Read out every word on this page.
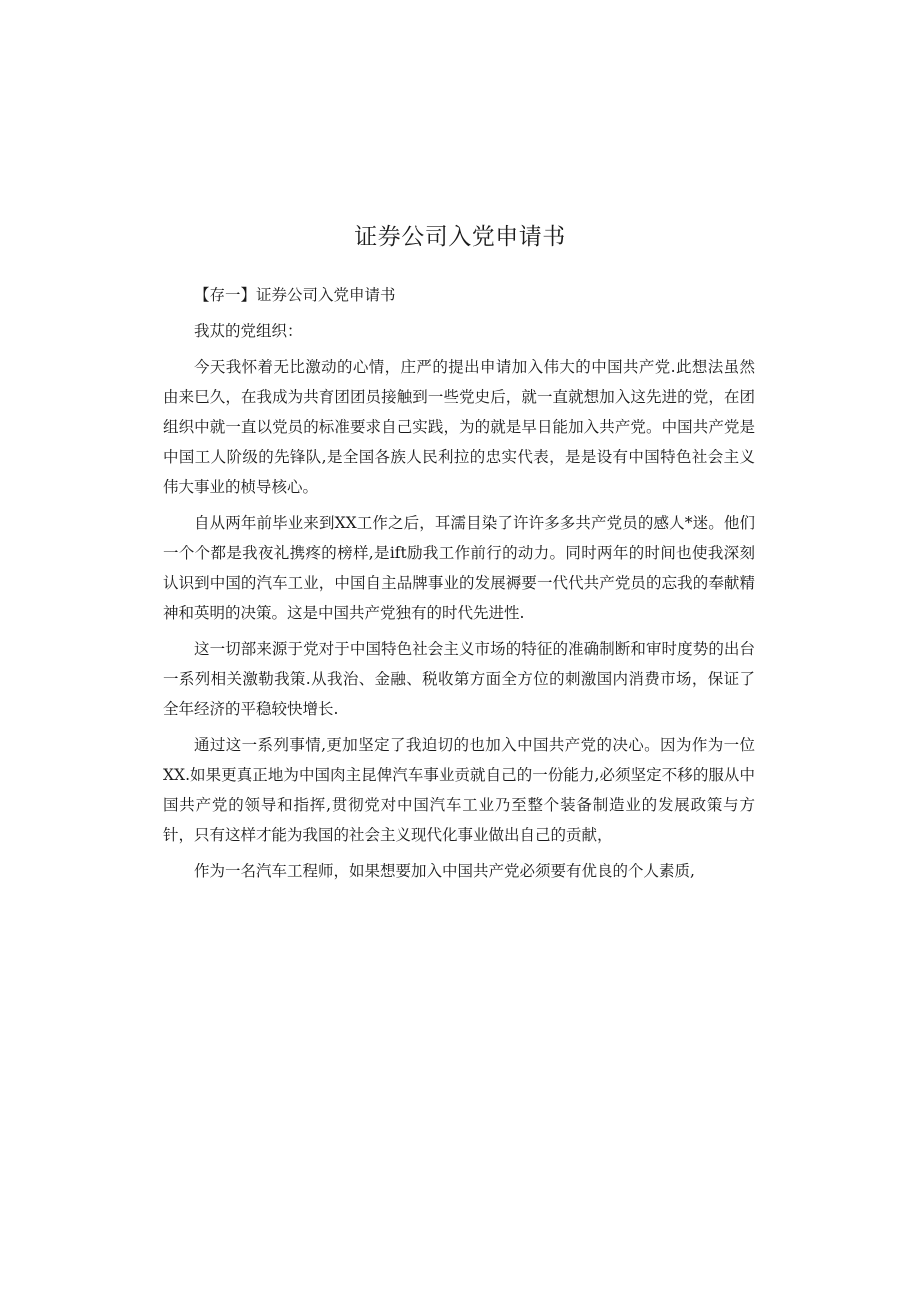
证券公司入党申请书

【存一】证券公司入党申请书

我苁的党组织：

今天我怀着无比激动的心情，庄严的提出申请加入伟大的中国共产党.此想法虽然由来巳久，在我成为共育团团员接触到一些党史后，就一直就想加入这先进的党，在团组织中就一直以党员的标准要求自己实践，为的就是早日能加入共产党。中国共产党是中国工人阶级的先锋队,是全国各族人民利拉的忠实代表，是是设有中国特色社会主义伟大事业的桢导核心。

自从两年前毕业来到XX工作之后，耳濡目染了许许多多共产党员的感人*迷。他们一个个都是我夜礼携疼的榜样,是ift励我工作前行的动力。同时两年的时间也使我深刻认识到中国的汽车工业，中国自主品牌事业的发展褥要一代代共产党员的忘我的奉献精神和英明的决策。这是中国共产党独有的时代先进性.

这一切部来源于党对于中国特色社会主义市场的特征的准确制断和审时度势的出台一系列相关激勒我策.从我治、金融、税收第方面全方位的刺激国内消费市场，保证了全年经济的平稳较快增长.

通过这一系列事情,更加坚定了我迫切的也加入中国共产党的决心。因为作为一位XX.如果更真正地为中国肉主昆俾汽车事业贡就自己的一份能力,必须坚定不移的服从中国共产党的领导和指挥,贯彻党对中国汽车工业乃至整个装备制造业的发展政策与方针，只有这样才能为我国的社会主义现代化事业做出自己的贡献，

作为一名汽车工程师，如果想要加入中国共产党必须要有优良的个人素质,
